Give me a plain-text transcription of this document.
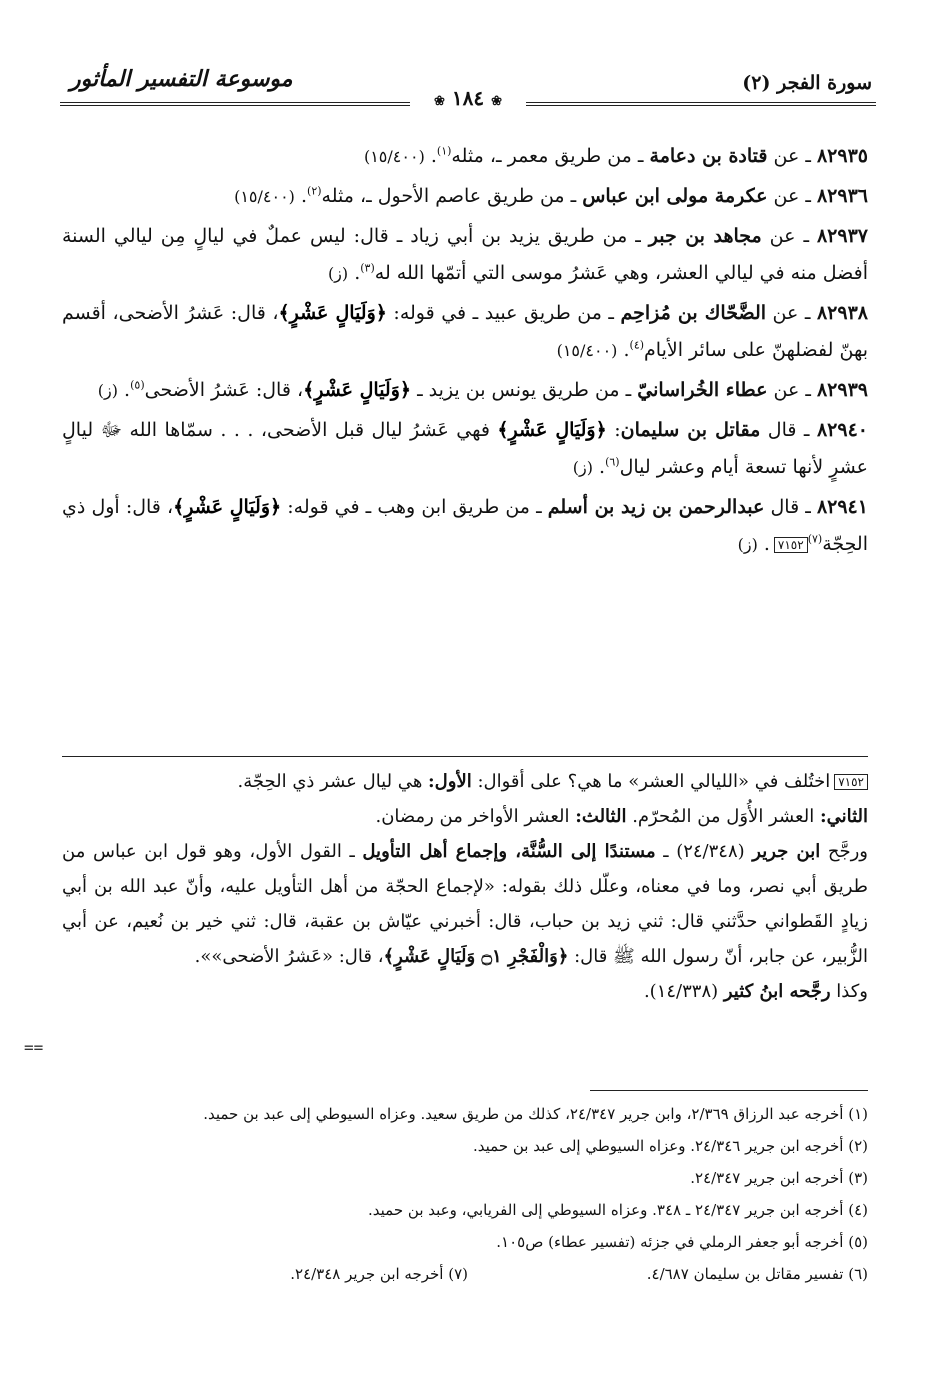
موسوعة التفسير المأثور	سورة الفجر (٢)
❀ ١٨٤ ❀
٨٢٩٣٥ ـ عن قتادة بن دعامة ـ من طريق معمر ـ، مثله$^{(١)}$. (١٥/٤٠٠)
٨٢٩٣٦ ـ عن عكرمة مولى ابن عباس ـ من طريق عاصم الأحول ـ، مثله$^{(٢)}$. (١٥/٤٠٠)
٨٢٩٣٧ ـ عن مجاهد بن جبر ـ من طريق يزيد بن أبي زياد ـ قال: ليس عملٌ في ليالٍ مِن ليالي السنة أفضل منه في ليالي العشر، وهي عَشرُ موسى التي أتمّها الله له$^{(٣)}$. (ز)
٨٢٩٣٨ ـ عن الضَّحّاك بن مُزاحِم ـ من طريق عبيد ـ في قوله: ﴿وَلَيَالٍ عَشْرٍ﴾، قال: عَشرُ الأضحى، أقسم بهنّ لفضلهنّ على سائر الأيام$^{(٤)}$. (١٥/٤٠٠)
٨٢٩٣٩ ـ عن عطاء الخُراسانيّ ـ من طريق يونس بن يزيد ـ ﴿وَلَيَالٍ عَشْرٍ﴾، قال: عَشرُ الأضحى$^{(٥)}$. (ز)
٨٢٩٤٠ ـ قال مقاتل بن سليمان: ﴿وَلَيَالٍ عَشْرٍ﴾ فهي عَشرُ ليال قبل الأضحى، . . . سمّاها الله ﷻ ليالٍ عشرٍ لأنها تسعة أيام وعشر ليال$^{(٦)}$. (ز)
٨٢٩٤١ ـ قال عبدالرحمن بن زيد بن أسلم ـ من طريق ابن وهب ـ في قوله: ﴿وَلَيَالٍ عَشْرٍ﴾، قال: أول ذي الحِجّة$^{(٧)}$٧١٥٢. (ز)

٧١٥٢اختُلف في «الليالي العشر» ما هي؟ على أقوال: الأول: هي ليال عشر ذي الحِجّة.

الثاني: العشر الأُوَل من المُحرّم. الثالث: العشر الأواخر من رمضان.

ورجَّح ابن جرير (٢٤/٣٤٨) ـ مستندًا إلى السُّنَّة، وإجماع أهل التأويل ـ القول الأول، وهو قول ابن عباس من طريق أبي نصر، وما في معناه، وعلّل ذلك بقوله: «لإجماع الحجّة من أهل التأويل عليه، وأنّ عبد الله بن أبي زيادٍ القَطواني حدَّثني قال: ثني زيد بن حباب، قال: أخبرني عيّاش بن عقبة، قال: ثني خير بن نُعيم، عن أبي الزُّبير، عن جابر، أنّ رسول الله ﷺ قال: ﴿وَالْفَجْرِ ۝١ وَلَيَالٍ عَشْرٍ﴾، قال: «عَشرُ الأضحى»».

وكذا رجَّحه ابنُ كثير (١٤/٣٣٨).

==

(١) أخرجه عبد الرزاق ٢/٣٦٩، وابن جرير ٢٤/٣٤٧، كذلك من طريق سعيد. وعزاه السيوطي إلى عبد بن حميد.

(٢) أخرجه ابن جرير ٢٤/٣٤٦. وعزاه السيوطي إلى عبد بن حميد.

(٣) أخرجه ابن جرير ٢٤/٣٤٧.

(٤) أخرجه ابن جرير ٢٤/٣٤٧ ـ ٣٤٨. وعزاه السيوطي إلى الفريابي، وعبد بن حميد.

(٥) أخرجه أبو جعفر الرملي في جزئه (تفسير عطاء) ص١٠٥.

(٦) تفسير مقاتل بن سليمان ٤/٦٨٧.
(٧) أخرجه ابن جرير ٢٤/٣٤٨.
